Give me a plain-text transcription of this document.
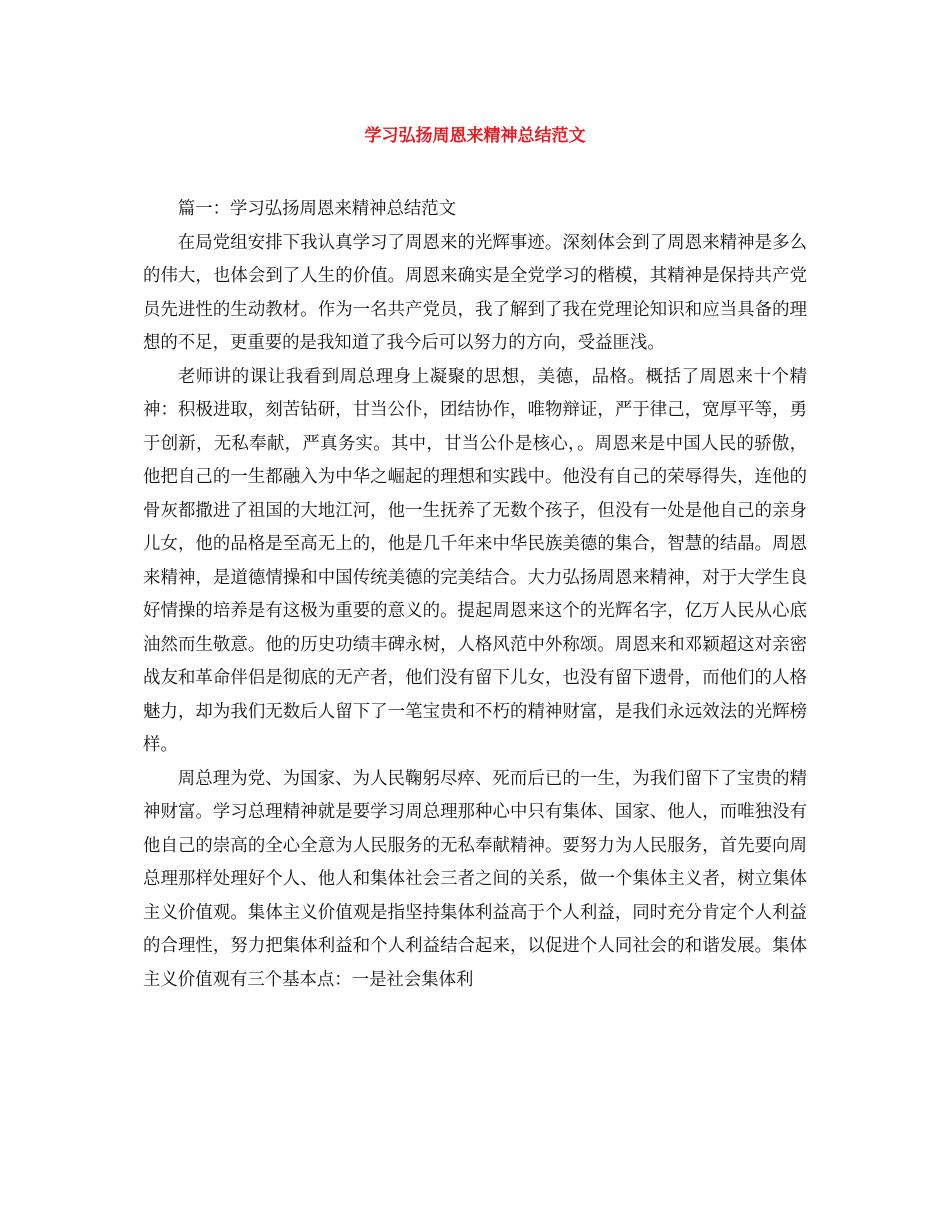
学习弘扬周恩来精神总结范文

篇一：学习弘扬周恩来精神总结范文

在局党组安排下我认真学习了周恩来的光辉事迹。深刻体会到了周恩来精神是多么的伟大，也体会到了人生的价值。周恩来确实是全党学习的楷模，其精神是保持共产党员先进性的生动教材。作为一名共产党员，我了解到了我在党理论知识和应当具备的理想的不足，更重要的是我知道了我今后可以努力的方向，受益匪浅。

老师讲的课让我看到周总理身上凝聚的思想，美德，品格。概括了周恩来十个精神：积极进取，刻苦钻研，甘当公仆，团结协作，唯物辩证，严于律己，宽厚平等，勇于创新，无私奉献，严真务实。其中，甘当公仆是核心，。周恩来是中国人民的骄傲，他把自己的一生都融入为中华之崛起的理想和实践中。他没有自己的荣辱得失，连他的骨灰都撒进了祖国的大地江河，他一生抚养了无数个孩子，但没有一处是他自己的亲身儿女，他的品格是至高无上的，他是几千年来中华民族美德的集合，智慧的结晶。周恩来精神，是道德情操和中国传统美德的完美结合。大力弘扬周恩来精神，对于大学生良好情操的培养是有这极为重要的意义的。提起周恩来这个的光辉名字，亿万人民从心底油然而生敬意。他的历史功绩丰碑永树，人格风范中外称颂。周恩来和邓颖超这对亲密战友和革命伴侣是彻底的无产者，他们没有留下儿女，也没有留下遗骨，而他们的人格魅力，却为我们无数后人留下了一笔宝贵和不朽的精神财富，是我们永远效法的光辉榜样。

周总理为党、为国家、为人民鞠躬尽瘁、死而后已的一生，为我们留下了宝贵的精神财富。学习总理精神就是要学习周总理那种心中只有集体、国家、他人，而唯独没有他自己的崇高的全心全意为人民服务的无私奉献精神。要努力为人民服务，首先要向周总理那样处理好个人、他人和集体社会三者之间的关系，做一个集体主义者，树立集体主义价值观。集体主义价值观是指坚持集体利益高于个人利益，同时充分肯定个人利益的合理性，努力把集体利益和个人利益结合起来，以促进个人同社会的和谐发展。集体主义价值观有三个基本点：一是社会集体利
